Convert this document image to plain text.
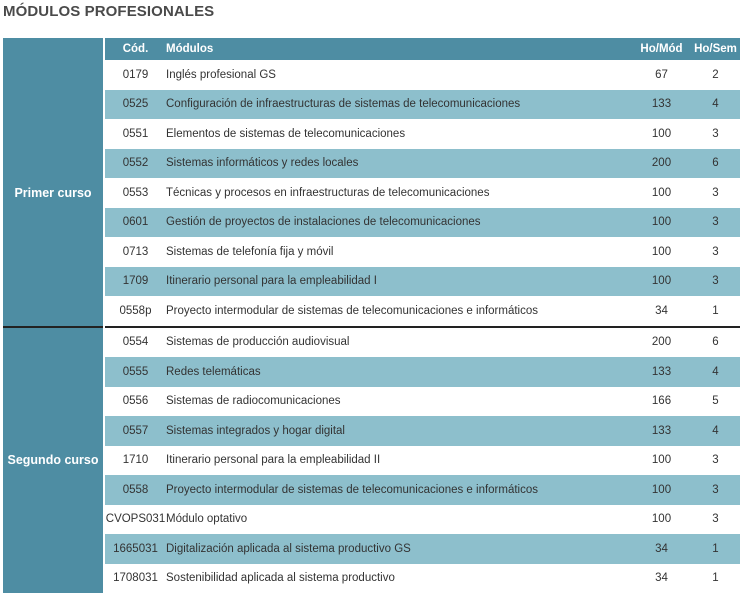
MÓDULOS PROFESIONALES
	Cód.	Módulos	Ho/Mód	Ho/Sem
Primer curso	0179	Inglés profesional GS	67	2
	0525	Configuración de infraestructuras de sistemas de telecomunicaciones	133	4
	0551	Elementos de sistemas de telecomunicaciones	100	3
	0552	Sistemas informáticos y redes locales	200	6
	0553	Técnicas y procesos en infraestructuras de telecomunicaciones	100	3
	0601	Gestión de proyectos de instalaciones de telecomunicaciones	100	3
	0713	Sistemas de telefonía fija y móvil	100	3
	1709	Itinerario personal para la empleabilidad I	100	3
	0558p	Proyecto intermodular de sistemas de telecomunicaciones e informáticos	34	1
Segundo curso	0554	Sistemas de producción audiovisual	200	6
	0555	Redes telemáticas	133	4
	0556	Sistemas de radiocomunicaciones	166	5
	0557	Sistemas integrados y hogar digital	133	4
	1710	Itinerario personal para la empleabilidad II	100	3
	0558	Proyecto intermodular de sistemas de telecomunicaciones e informáticos	100	3
	CVOPS031	Módulo optativo	100	3
	1665031	Digitalización aplicada al sistema productivo GS	34	1
	1708031	Sostenibilidad aplicada al sistema productivo	34	1
